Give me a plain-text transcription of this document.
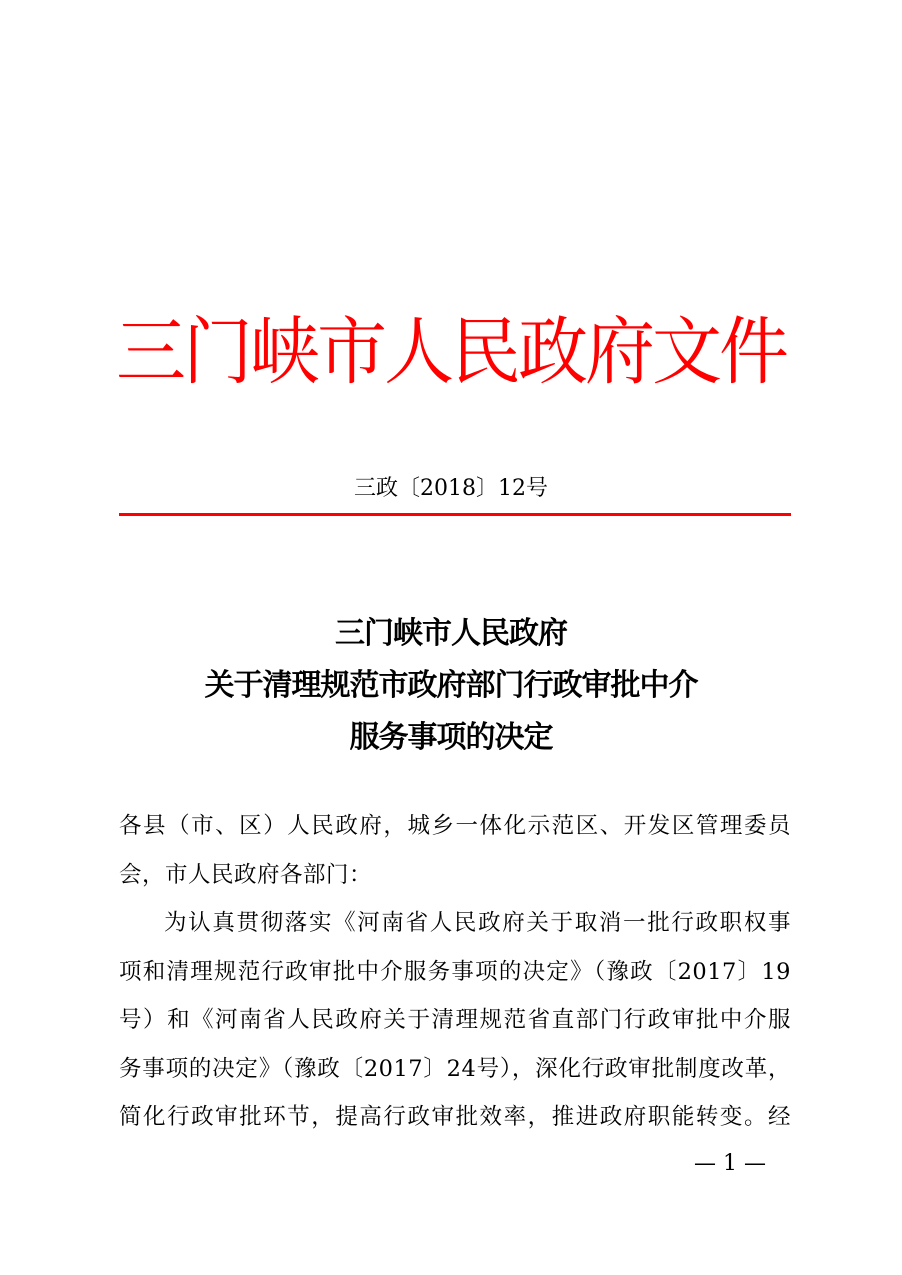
三门峡市人民政府文件
三政〔2018〕12号
三门峡市人民政府
关于清理规范市政府部门行政审批中介
服务事项的决定
各县（市、区）人民政府，城乡一体化示范区、开发区管理委员
会，市人民政府各部门：
为认真贯彻落实《河南省人民政府关于取消一批行政职权事
项和清理规范行政审批中介服务事项的决定》（豫政〔2017〕19
号）和《河南省人民政府关于清理规范省直部门行政审批中介服
务事项的决定》（豫政〔2017〕24号），深化行政审批制度改革，
简化行政审批环节，提高行政审批效率，推进政府职能转变。经
— 1 —
